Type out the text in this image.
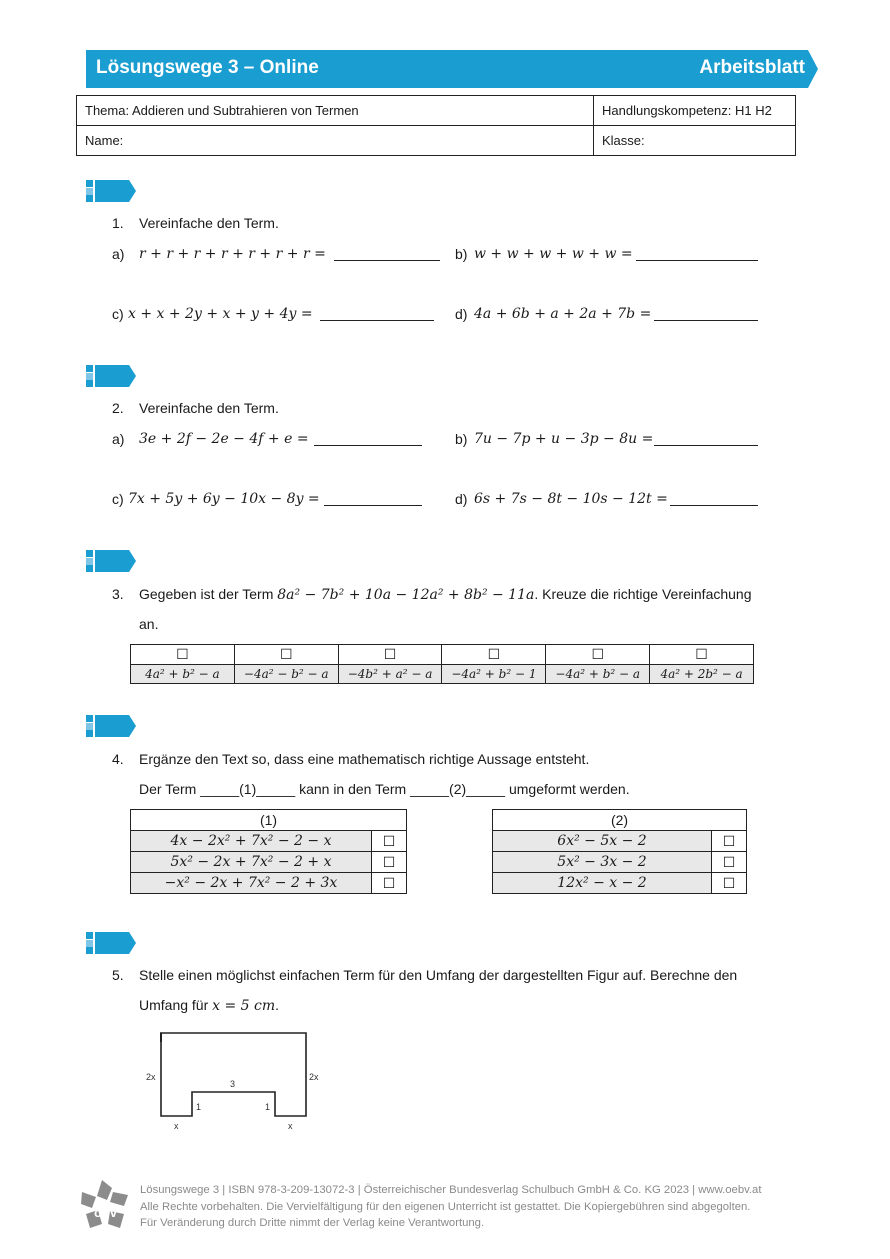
Lösungswege 3 – Online	Arbeitsblatt
Thema: Addieren und Subtrahieren von Termen	Handlungskompetenz: H1 H2
Name:	Klasse:
1. Vereinfache den Term.
a) r + r + r + r + r + r + r =	b) w + w + w + w + w =
c) x + x + 2y + x + y + 4y =	d) 4a + 6b + a + 2a + 7b =
2. Vereinfache den Term.
a) 3e + 2f − 2e − 4f + e =	b) 7u − 7p + u − 3p − 8u =
c) 7x + 5y + 6y − 10x − 8y =	d) 6s + 7s − 8t − 10s − 12t =
3. Gegeben ist der Term 8a² − 7b² + 10a − 12a² + 8b² − 11a. Kreuze die richtige Vereinfachung
an.
☐	☐	☐	☐	☐	☐
4a² + b² − a	−4a² − b² − a	−4b² + a² − a	−4a² + b² − 1	−4a² + b² − a	4a² + 2b² − a
4. Ergänze den Text so, dass eine mathematisch richtige Aussage entsteht.
Der Term _____(1)_____ kann in den Term _____(2)_____ umgeformt werden.
(1)	
4x − 2x² + 7x² − 2 − x	☐
5x² − 2x + 7x² − 2 + x	☐
−x² − 2x + 7x² − 2 + 3x	☐
(2)	
6x² − 5x − 2	☐
5x² − 3x − 2	☐
12x² − x − 2	☐
5. Stelle einen möglichst einfachen Term für den Umfang der dargestellten Figur auf. Berechne den
Umfang für x = 5 cm.
2x	2x
3
1	1
x	x
öbv
Lösungswege 3 | ISBN 978-3-209-13072-3 | Österreichischer Bundesverlag Schulbuch GmbH & Co. KG 2023 | www.oebv.at
Alle Rechte vorbehalten. Die Vervielfältigung für den eigenen Unterricht ist gestattet. Die Kopiergebühren sind abgegolten.
Für Veränderung durch Dritte nimmt der Verlag keine Verantwortung.
